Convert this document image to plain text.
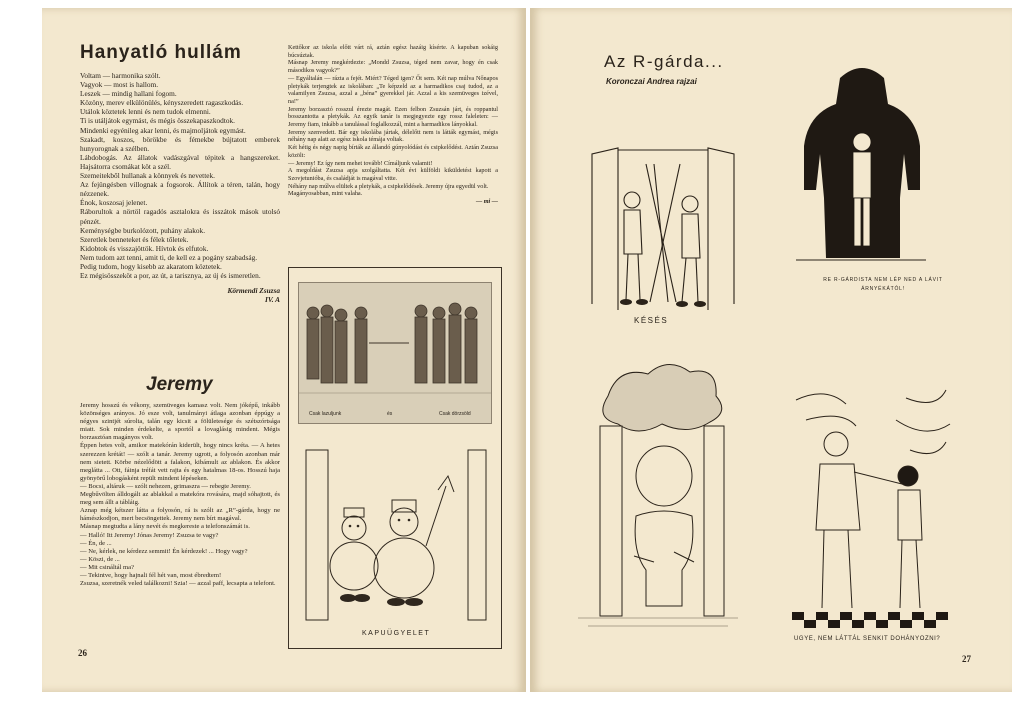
Hanyatló hullám

Voltam — harmonika szólt.

Vagyok — most is hallom.

Leszek — mindig hallani fogom.

Közöny, merev elkülönülés, kényszeredett ragaszkodás.

Utálok köztetek lenni és nem tudok elmenni.

Ti is utáljátok egymást, és mégis összekapaszkodtok.

Mindenki egyénileg akar lenni, és majmoljátok egymást.

Szakadt, koszos, börökbe és fémekbe bújtatott emberek hunyorognak a szélben.

Lábdobogás. Az állatok vadászgával tépitek a hangszereket. Hajsátorra csomákat köt a szél.

Szemeitekből hullanak a könnyek és nevettek.

Az fejüngésben villognak a fogsorok. Állítok a téren, talán, hogy nézzenek.

Énok, koszosaj jelenet.

Ráborultok a nörtöl ragadós asztalokra és isszátok mások utolsó pénzét.

Keménységbe burkolózott, puhány alakok.

Szeretlek benneteket és félek tőletek.

Kidobtok és visszajöttök. Hívtok és elfutok.

Nem tudom azt tenni, amit ti, de kell ez a pogány szabadság.

Pedig tudom, hogy kisebb az akaratom köztetek.

Ez mégisösszeköt a por, az út, a tarisznya, az új és ismeretlen.

Körmendi Zsuzsa

IV. A

Jeremy

Jeremy hosszú és vékony, szemüveges kamasz volt. Nem jóképű, inkább közönséges arányos. Jó esze volt, tanulmányi átlaga azonban éppúgy a négyes szintjét súrolta, talán egy kicsit a fölületesége és szétszórtsága miatt. Sok minden érdekelte, a sportól a lovaglásig mindent. Mégis borzasztóan magányos volt.

Éppen hetes volt, amikor matekórán kiderült, hogy nincs kréta. — A hetes szerezzen krétát! — szólt a tanár. Jeremy ugrott, a folyosón azonban már nem sietett. Körbe nézelődött a falakon, kibámult az ablakon. És akkor meglátta ... Ott, fáinja tréfát vett rajta és egy hatalmas 18-os. Hosszú haja gyönyörű lobogásként repült mindent lépéseken.

— Bocsi, altáruk — szólt nehezen, grimaszra — rebegte Jeremy.

Megbűvölten álldogált az ablakkal a matekóra rovására, majd sóhajtott, és meg sem állt a tábláig.

Aznap még kétszer látta a folyosón, rá is szólt az „R”-gárda, hogy ne hámészkodjon, mert becsöngettek. Jeremy nem bírt magával.

Másnap megtudta a lány nevét és megkereste a telefonszámát is.

— Halló! Itt Jeremy! Jónas Jeremy! Zsuzsa te vagy?

— Én, de ...

— Ne, kérlek, ne kérdezz semmit! Én kérdezek! ... Hogy vagy?

— Köszi, de ...

— Mit csináltál ma?

— Tekintve, hogy hajnali fél hét van, most ébredtem!

Zsuzsa, szeretnék veled találkozni! Szia! — azzal paff, lecsapta a telefont.

Kettőkor az iskola előtt várt rá, aztán egész hazáig kísérte. A kapuban sokáig búcsúztak.

Másnap Jeremy megkérdezte: „Mondd Zsuzsa, téged nem zavar, hogy én csak másodikos vagyok?”

— Egyáltalán — rázta a fejét. Miért? Téged igen? Őt sem. Két nap múlva Nőnapos pletykák terjengtek az iskolában: „Te képzeld az a harmadikos csaj tudod, az a valamilyen Zsuzsa, azzal a „béna” gyerekkel jár. Azzal a kis szemüveges izével, na!”

Jeremy borzasztó rosszul érezte magát. Ezen felbon Zsuzsán járt, és roppantul bosszantotta a pletykák. Az egyik tanár is megjegyezte egy rossz faleleten: — Jeremy fiam, inkább a tanulással foglalkozzál, mint a harmadikos lányokkal.

Jeremy szenvedett. Bár egy iskolába jártak, délelőtt nem is látták egymást, mégis néhány nap alatt az egész iskola témája voltak.

Két hétig és négy napig bírták az állandó gúnyolódást és csipkelődést. Aztán Zsuzsa közölt:

— Jeremy! Ez így nem mehet tovább! Címáljunk valamit!

A megoldást Zsuzsa apja szolgáltatta. Két évi külföldi kiküldetést kapott a Szovjetunióba, és családját is magával vitte.

Néhány nap múlva elültek a pletykák, a csipkelődések. Jeremy újra egyedül volt.

Magányosabban, mint valaha.

— mi —

Csak lazuljunk	és	Csak dörzsöld
KAPUÜGYELET
26
Az R-gárda...
Koronczai Andrea rajzai
KÉSÉS
RE R-GÁRDISTA NEM LÉP NED A LÁVIT ÁRNYÉKÁTÓL!
UGYE, NEM LÁTTÁL SENKIT DOHÁNYOZNI?
27
